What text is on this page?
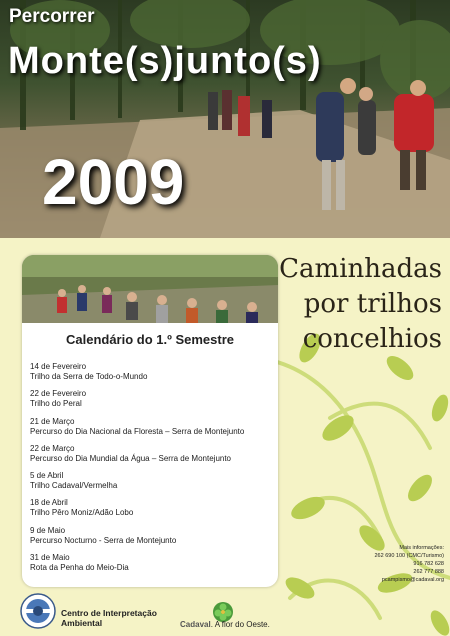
Percorrer
Monte(s)junto(s)
2009
Caminhadas
por trilhos
concelhios
Calendário do 1.º Semestre
14 de Fevereiro
Trilho da Serra de Todo-o-Mundo
22 de Fevereiro
Trilho do Peral
21 de Março
Percurso do Dia Nacional da Floresta – Serra de Montejunto
22 de Março
Percurso do Dia Mundial da Água – Serra de Montejunto
5 de Abril
Trilho Cadaval/Vermelha
18 de Abril
Trilho Pêro Moniz/Adão Lobo
9 de Maio
Percurso Nocturno - Serra de Montejunto
31 de Maio
Rota da Penha do Meio-Dia
Mais informações:
262 690 100 (CMC/Turismo)
916 782 628
262 777 888
pcampismo@cadaval.org
Centro de Interpretação
Ambiental	Cadaval. A flor do Oeste.
